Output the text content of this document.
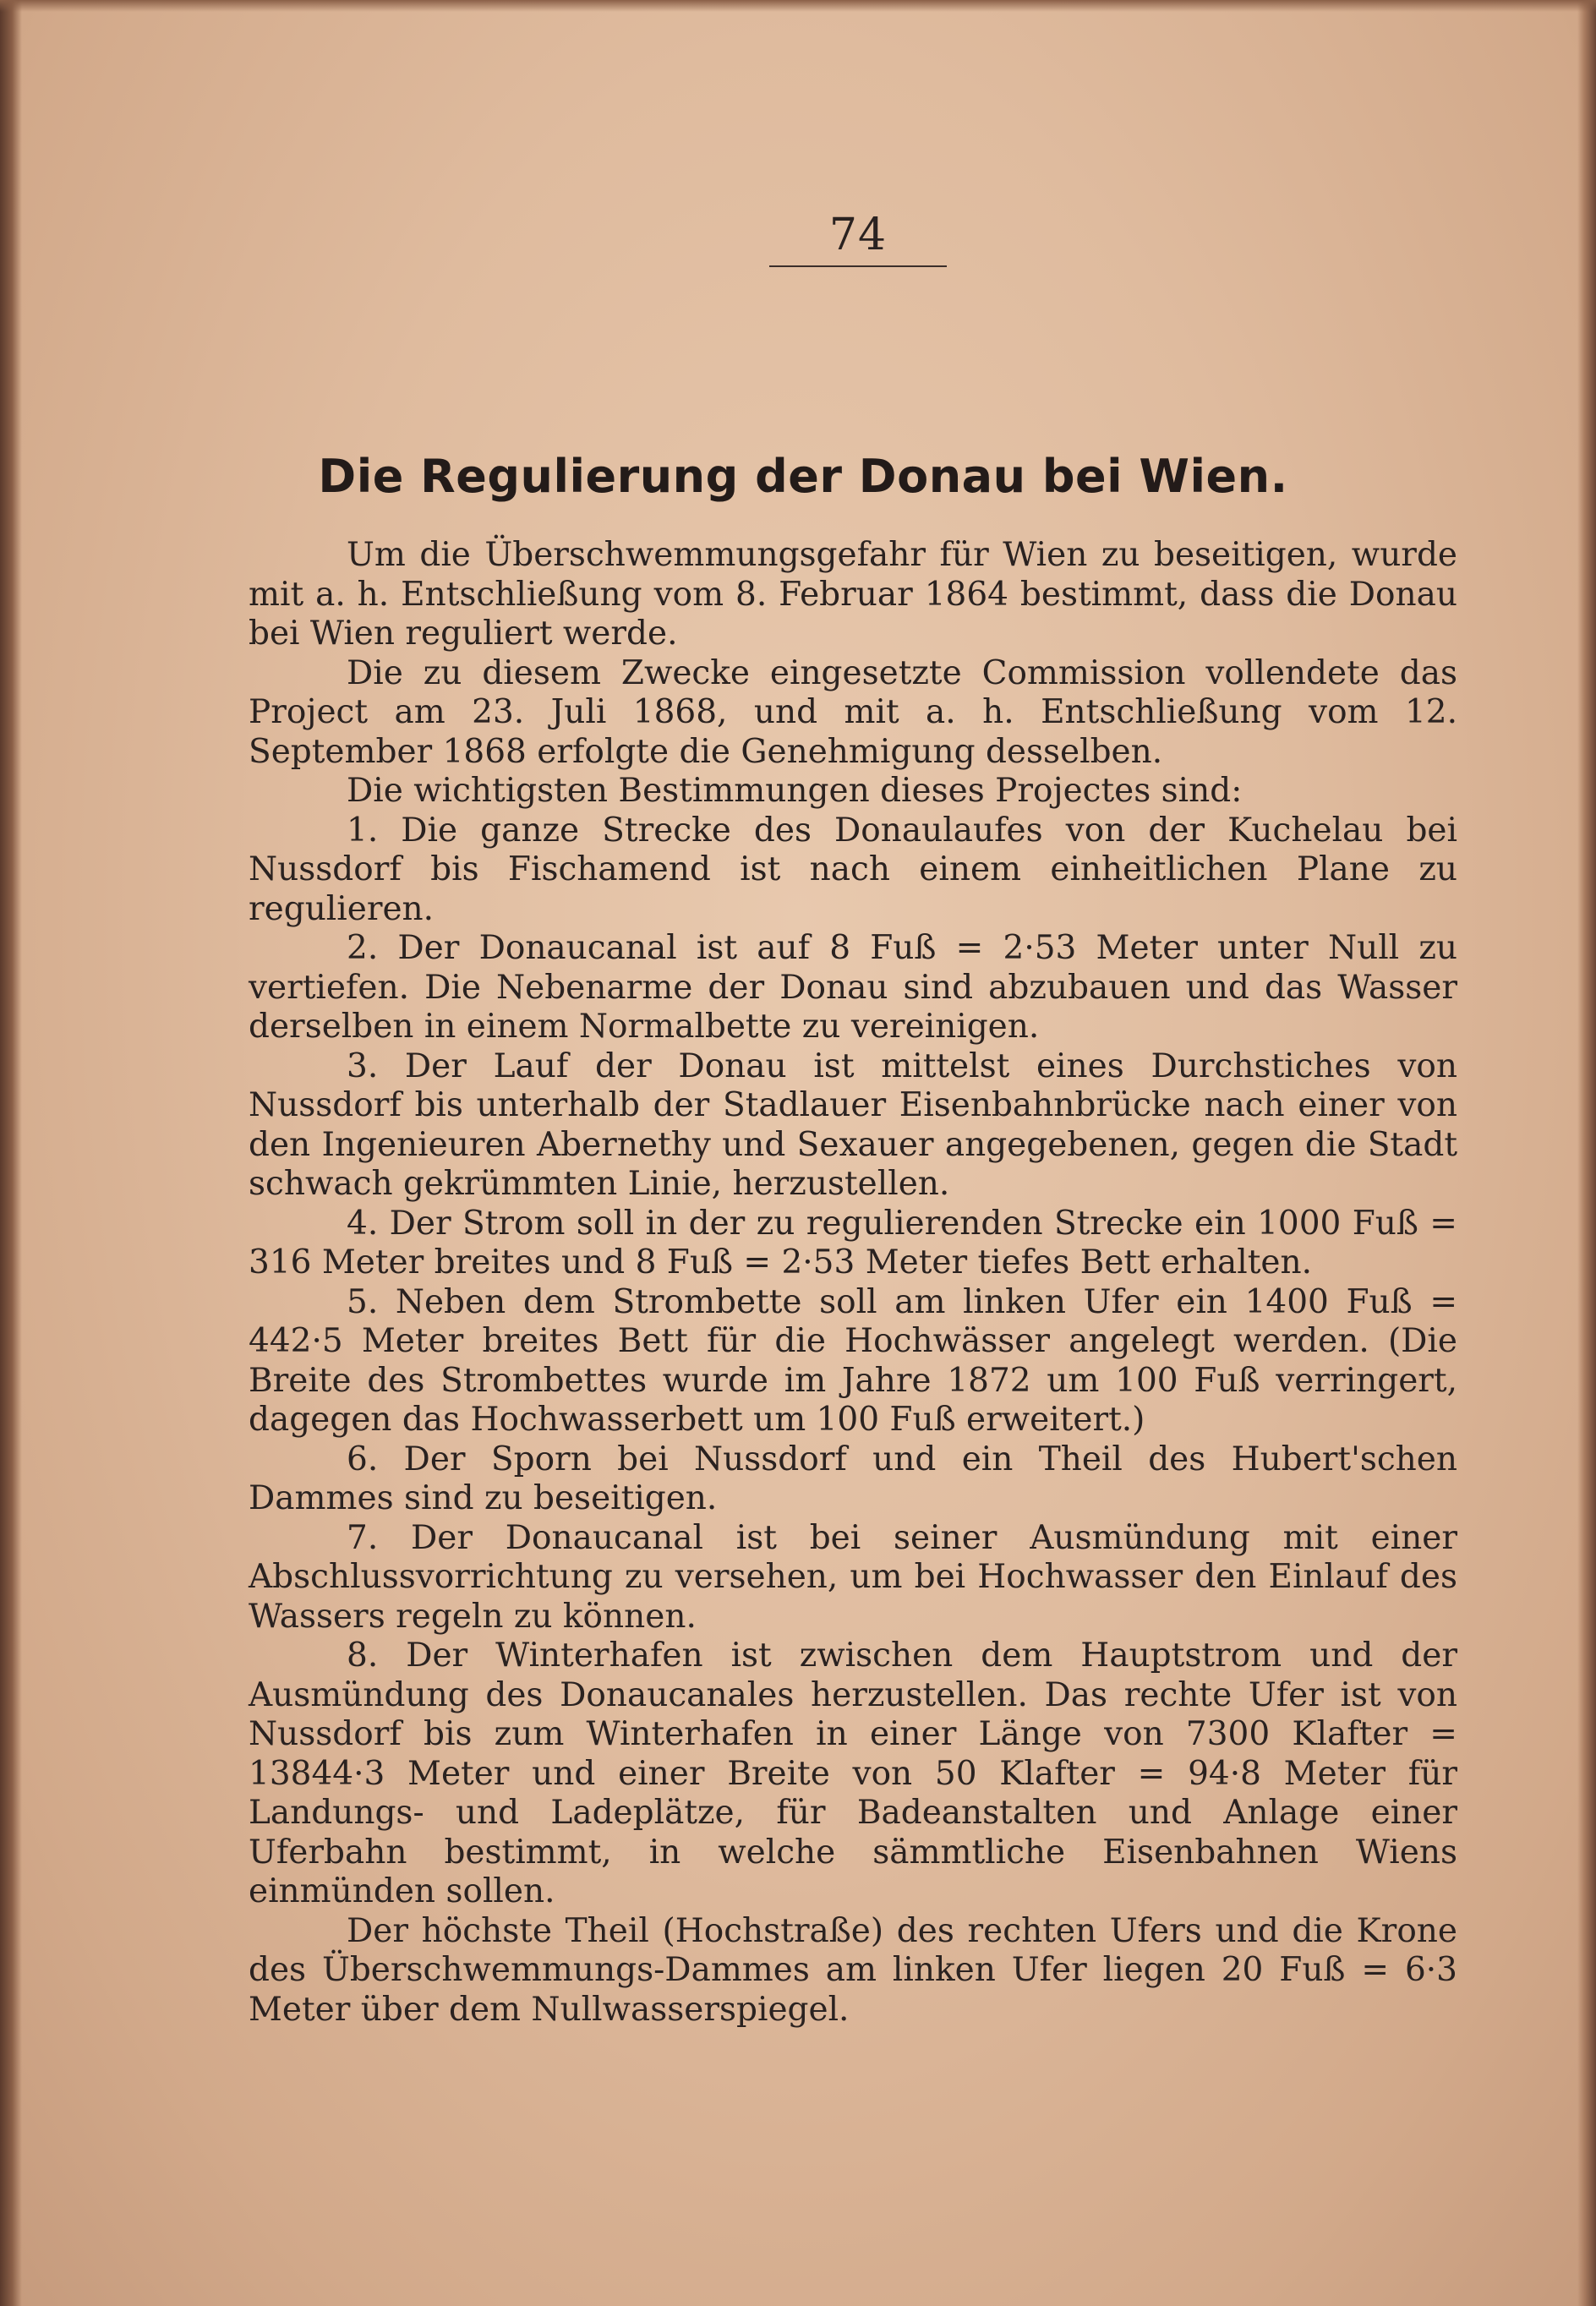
74
Die Regulierung der Donau bei Wien.

Um die Überschwemmungsgefahr für Wien zu beseitigen, wurde mit a. h. Entschließung vom 8. Februar 1864 bestimmt, dass die Donau bei Wien reguliert werde.

Die zu diesem Zwecke eingesetzte Commission vollendete das Project am 23. Juli 1868, und mit a. h. Entschließung vom 12. September 1868 erfolgte die Genehmigung desselben.

Die wichtigsten Bestimmungen dieses Projectes sind:

1. Die ganze Strecke des Donaulaufes von der Kuchelau bei Nussdorf bis Fischamend ist nach einem einheitlichen Plane zu regulieren.

2. Der Donaucanal ist auf 8 Fuß = 2·53 Meter unter Null zu vertiefen. Die Nebenarme der Donau sind abzubauen und das Wasser derselben in einem Normalbette zu vereinigen.

3. Der Lauf der Donau ist mittelst eines Durchstiches von Nussdorf bis unterhalb der Stadlauer Eisenbahnbrücke nach einer von den Ingenieuren Abernethy und Sexauer angegebenen, gegen die Stadt schwach gekrümmten Linie, herzustellen.

4. Der Strom soll in der zu regulierenden Strecke ein 1000 Fuß = 316 Meter breites und 8 Fuß = 2·53 Meter tiefes Bett erhalten.

5. Neben dem Strombette soll am linken Ufer ein 1400 Fuß = 442·5 Meter breites Bett für die Hochwässer angelegt werden. (Die Breite des Strombettes wurde im Jahre 1872 um 100 Fuß verringert, dagegen das Hochwasserbett um 100 Fuß erweitert.)

6. Der Sporn bei Nussdorf und ein Theil des Hubert'schen Dammes sind zu beseitigen.

7. Der Donaucanal ist bei seiner Ausmündung mit einer Abschlussvorrichtung zu versehen, um bei Hochwasser den Einlauf des Wassers regeln zu können.

8. Der Winterhafen ist zwischen dem Hauptstrom und der Ausmündung des Donaucanales herzustellen. Das rechte Ufer ist von Nussdorf bis zum Winterhafen in einer Länge von 7300 Klafter = 13844·3 Meter und einer Breite von 50 Klafter = 94·8 Meter für Landungs- und Ladeplätze, für Badeanstalten und Anlage einer Uferbahn bestimmt, in welche sämmtliche Eisenbahnen Wiens einmünden sollen.

Der höchste Theil (Hochstraße) des rechten Ufers und die Krone des Überschwemmungs-Dammes am linken Ufer liegen 20 Fuß = 6·3 Meter über dem Nullwasserspiegel.
